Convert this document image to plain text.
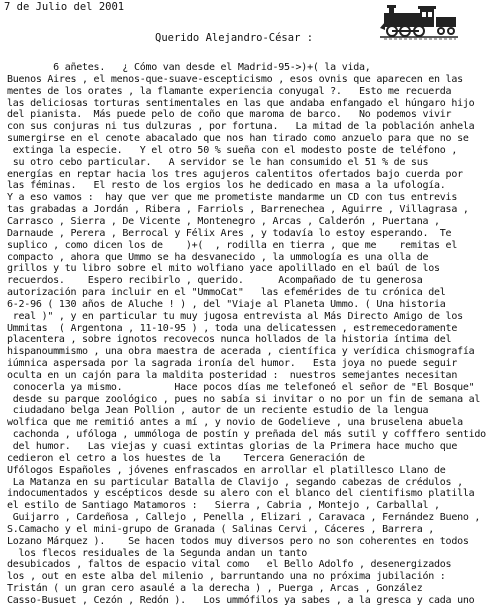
7 de Julio del 2001
Querido Alejandro-César :
6 añetes.   ¿ Cómo van desde el Madrid-95->)+( la vida,
Buenos Aires , el menos-que-suave-escepticismo , esos ovnis que aparecen en las
mentes de los orates , la flamante experiencia conyugal ?.   Esto me recuerda
las deliciosas torturas sentimentales en las que andaba enfangado el húngaro hijo
del pianista.  Más puede pelo de coño que maroma de barco.   No podemos vivir
con sus conjuras ni tus dulzuras , por fortuna.   La mitad de la población anhela
sumergirse en el cenote abacalado que nos han tirado como anzuelo para que no se
extinga la especie.   Y el otro 50 % sueña con el modesto poste de teléfono ,
su otro cebo particular.   A servidor se le han consumido el 51 % de sus
energías en reptar hacia los tres agujeros calentitos ofertados bajo cuerda por
las féminas.   El resto de los ergios los he dedicado en masa a la ufología.
Y a eso vamos :  hay que ver que me prometiste mandarme un CD con tus entrevis
tas grabadas a Jordán , Ribera , Farriols , Barrenechea , Aguirre , Villagrasa ,
Carrasco , Sierra , De Vicente , Montenegro , Arcas , Calderón , Puertana ,
Darnaude , Perera , Berrocal y Félix Ares , y todavía lo estoy esperando.  Te
suplico , como dicen los de    )+(  , rodilla en tierra , que me    remitas el
compacto , ahora que Ummo se ha desvanecido , la ummología es una olla de
grillos y tu libro sobre el mito wolfiano yace apolillado en el baúl de los
recuerdos.    Espero recibirlo , querido.      Acompañado de tu generosa
autorización para incluir en el "UmmoCat"   las efemérides de tu crónica del
6-2-96 ( 130 años de Aluche ! ) , del "Viaje al Planeta Ummo. ( Una historia
real )" , y en particular tu muy jugosa entrevista al Más Directo Amigo de los
Ummitas  ( Argentona , 11-10-95 ) , toda una delicatessen , estremecedoramente
placentera , sobre ignotos recovecos nunca hollados de la historia íntima del
hispanoummismo , una obra maestra de acerada , científica y verídica chismografía
iúmnica aspersada por la sagrada ironía del humor.   Esta joya no puede seguir
oculta en un cajón para la maldita posteridad :  nuestros semejantes necesitan
conocerla ya mismo.         Hace pocos días me telefoneó el señor de "El Bosque"
desde su parque zoológico , pues no sabía si invitar o no por un fin de semana al
ciudadano belga Jean Pollion , autor de un reciente estudio de la lengua
wolfica que me remitió antes a mí , y novio de Godelieve , una bruselena abuela
cachonda , ufóloga , ummóloga de postín y preñada del más sutil y cofffero sentido
del humor.   Las viejas y cuasi extintas glorias de la Primera hace mucho que
cedieron el cetro a los huestes de la    Tercera Generación de
Ufólogos Españoles , jóvenes enfrascados en arrollar el platillesco Llano de
La Matanza en su particular Batalla de Clavijo , segando cabezas de crédulos ,
indocumentados y escépticos desde su alero con el blanco del cientifismo platilla
el estilo de Santiago Matamoros :   Sierra , Cabria , Montejo , Carballal ,
Guijarro , Cardeñosa , Callejo , Penella , Elizari , Caravaca , Fernández Bueno ,
S.Camacho y el mini-grupo de Granada ( Salinas Cervi , Cáceres , Barrera ,
Lozano Márquez ).    Se hacen todos muy diversos pero no son coherentes en todos
los flecos residuales de la Segunda andan un tanto
desubicados , faltos de espacio vital como   el Bello Adolfo , desenergizados
los , out en este alba del milenio , barruntando una no próxima jubilación :
Tristán ( un gran cero asaulé a la derecha ) , Puerga , Arcas , González
Casso-Busuet , Cezón , Redón ).   Los ummófilos ya sabes , a la gresca y cada uno
